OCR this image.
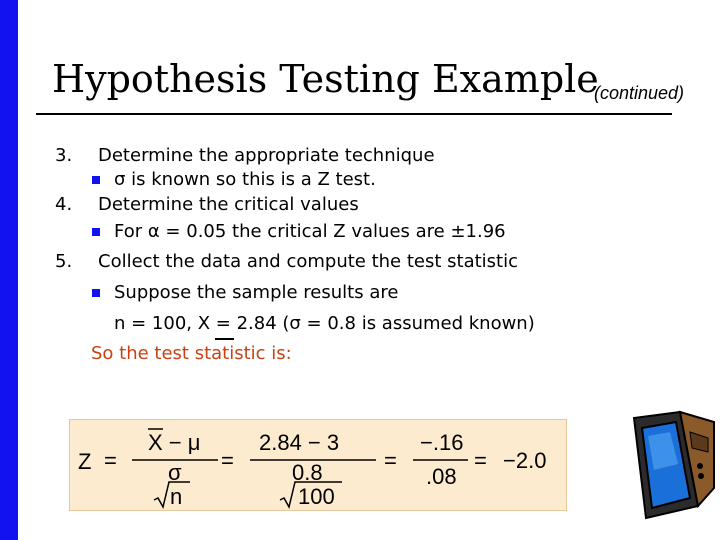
Hypothesis Testing Example
(continued)
3. Determine the appropriate technique
σ is known so this is a Z test.
4. Determine the critical values
For α = 0.05 the critical Z values are ±1.96
5. Collect the data and compute the test statistic
Suppose the sample results are
n = 100, X = 2.84 (σ = 0.8 is assumed known)
So the test statistic is:
Z =
X − μ
σ
n
=
2.84 − 3
0.8
100
=
−.16
.08
= −2.0
